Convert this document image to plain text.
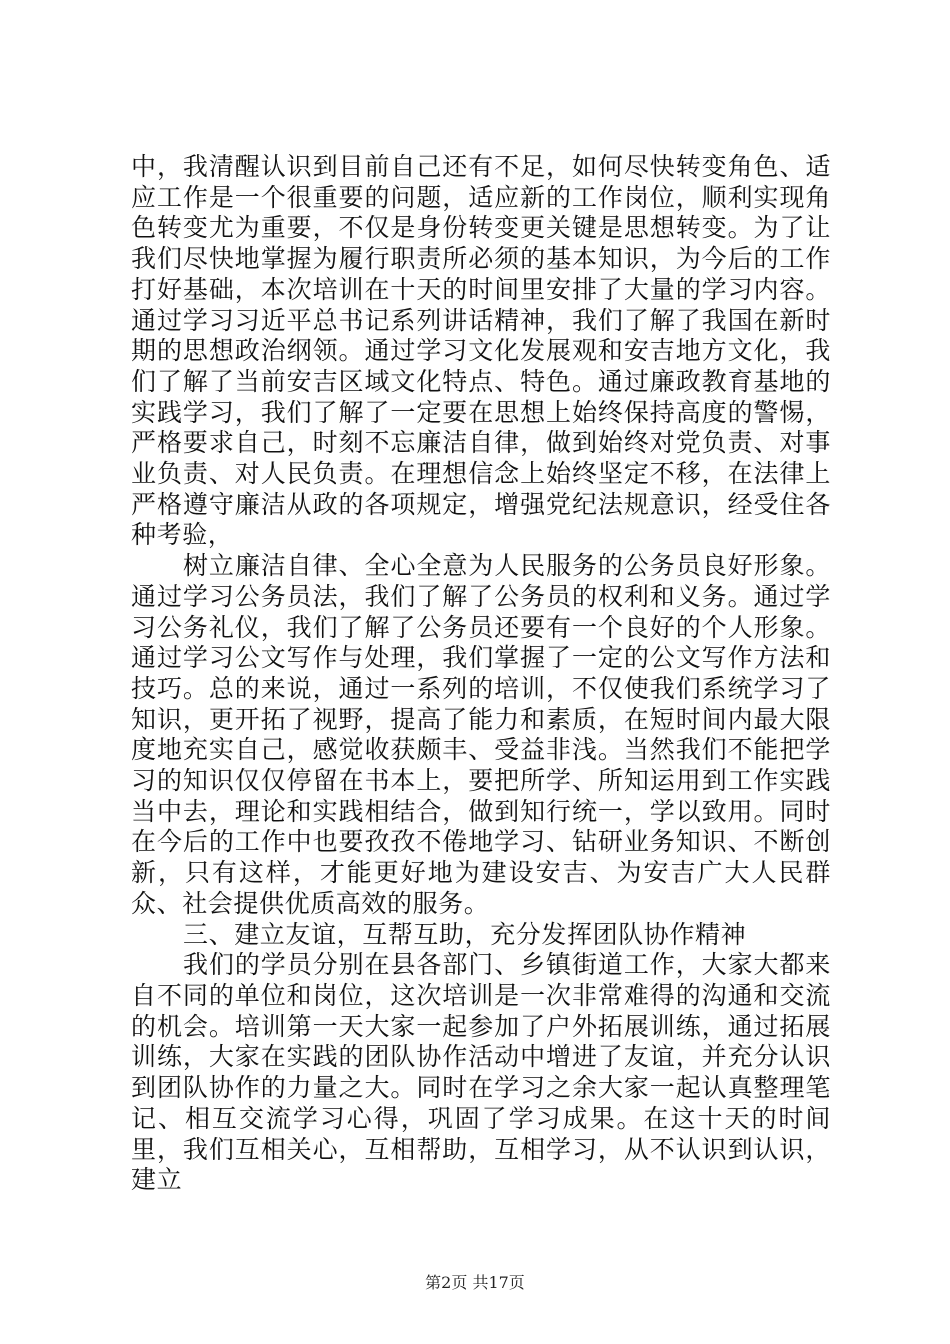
中，我清醒认识到目前自己还有不足，如何尽快转变角色、适应工作是一个很重要的问题，适应新的工作岗位，顺利实现角色转变尤为重要，不仅是身份转变更关键是思想转变。为了让我们尽快地掌握为履行职责所必须的基本知识，为今后的工作打好基础，本次培训在十天的时间里安排了大量的学习内容。通过学习习近平总书记系列讲话精神，我们了解了我国在新时期的思想政治纲领。通过学习文化发展观和安吉地方文化，我们了解了当前安吉区域文化特点、特色。通过廉政教育基地的实践学习，我们了解了一定要在思想上始终保持高度的警惕，严格要求自己，时刻不忘廉洁自律，做到始终对党负责、对事业负责、对人民负责。在理想信念上始终坚定不移，在法律上严格遵守廉洁从政的各项规定，增强党纪法规意识，经受住各种考验，

树立廉洁自律、全心全意为人民服务的公务员良好形象。通过学习公务员法，我们了解了公务员的权利和义务。通过学习公务礼仪，我们了解了公务员还要有一个良好的个人形象。通过学习公文写作与处理，我们掌握了一定的公文写作方法和技巧。总的来说，通过一系列的培训，不仅使我们系统学习了知识，更开拓了视野，提高了能力和素质，在短时间内最大限度地充实自己，感觉收获颇丰、受益非浅。当然我们不能把学习的知识仅仅停留在书本上，要把所学、所知运用到工作实践当中去，理论和实践相结合，做到知行统一，学以致用。同时在今后的工作中也要孜孜不倦地学习、钻研业务知识、不断创新，只有这样，才能更好地为建设安吉、为安吉广大人民群众、社会提供优质高效的服务。

三、建立友谊，互帮互助，充分发挥团队协作精神

我们的学员分别在县各部门、乡镇街道工作，大家大都来自不同的单位和岗位，这次培训是一次非常难得的沟通和交流的机会。培训第一天大家一起参加了户外拓展训练，通过拓展训练，大家在实践的团队协作活动中增进了友谊，并充分认识到团队协作的力量之大。同时在学习之余大家一起认真整理笔记、相互交流学习心得，巩固了学习成果。在这十天的时间里，我们互相关心，互相帮助，互相学习，从不认识到认识，建立

第2页 共17页
